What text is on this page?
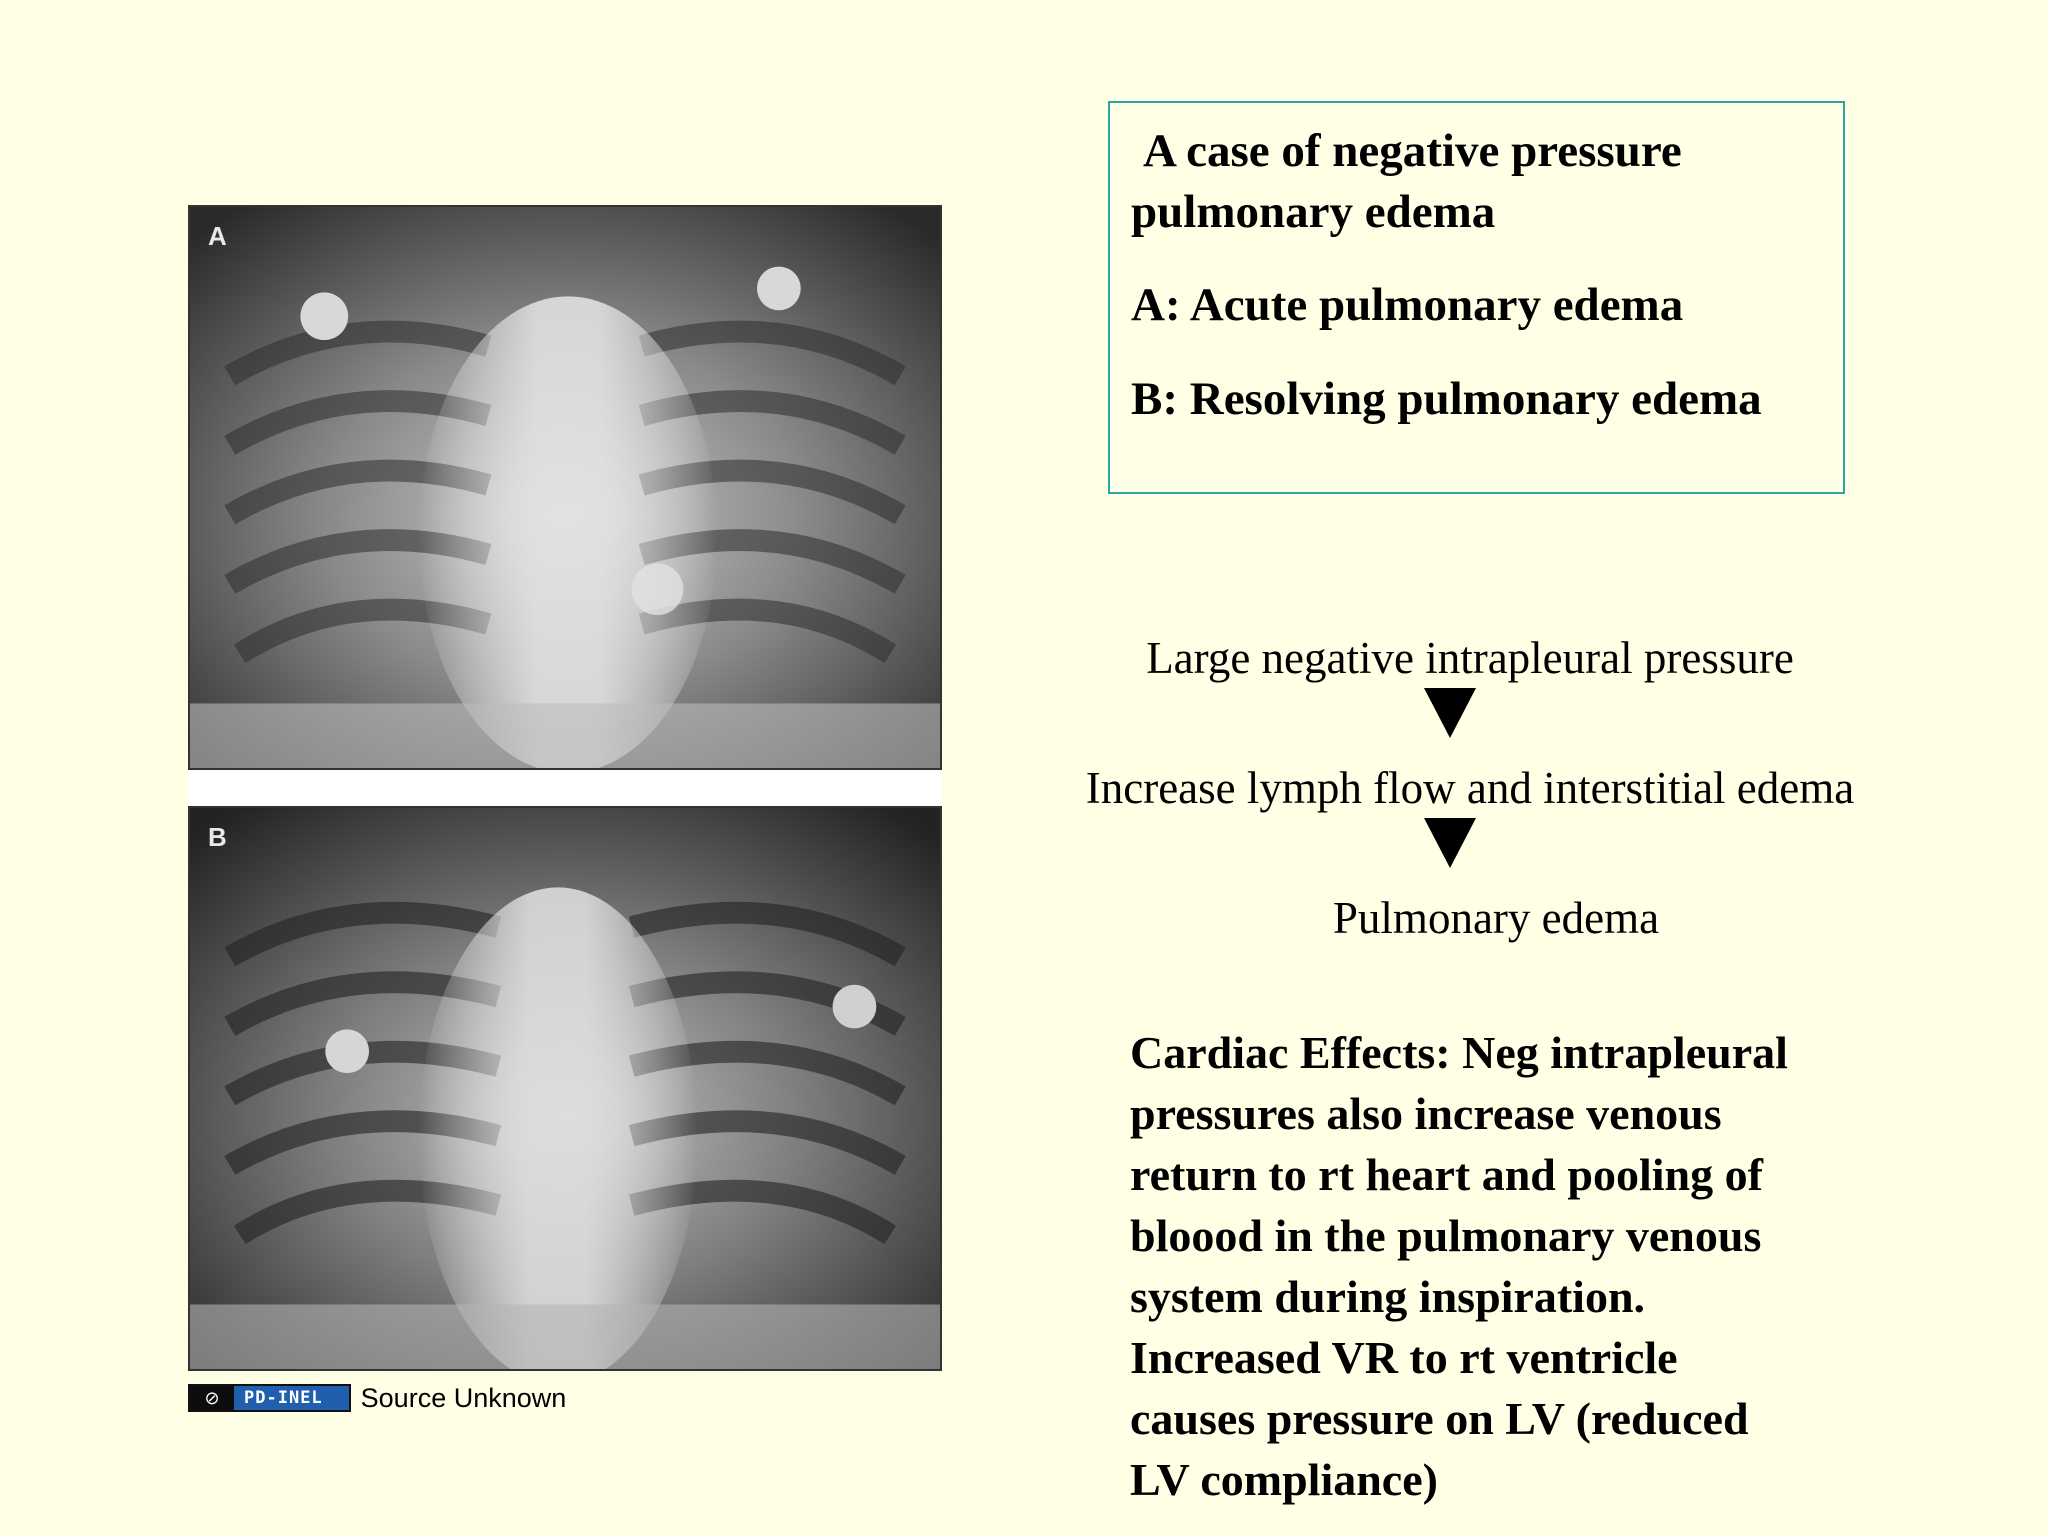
A
B
⊘	PD-INEL	Source Unknown
A case of negative pressure
pulmonary edema
A: Acute pulmonary edema
B: Resolving pulmonary edema
Large negative intrapleural pressure
Increase lymph flow and interstitial edema
Pulmonary edema
Cardiac Effects: Neg intrapleural
pressures also increase venous
return to rt heart and pooling of
bloood in the pulmonary venous
system during inspiration.
Increased VR to rt ventricle
causes pressure on LV (reduced
LV compliance)
